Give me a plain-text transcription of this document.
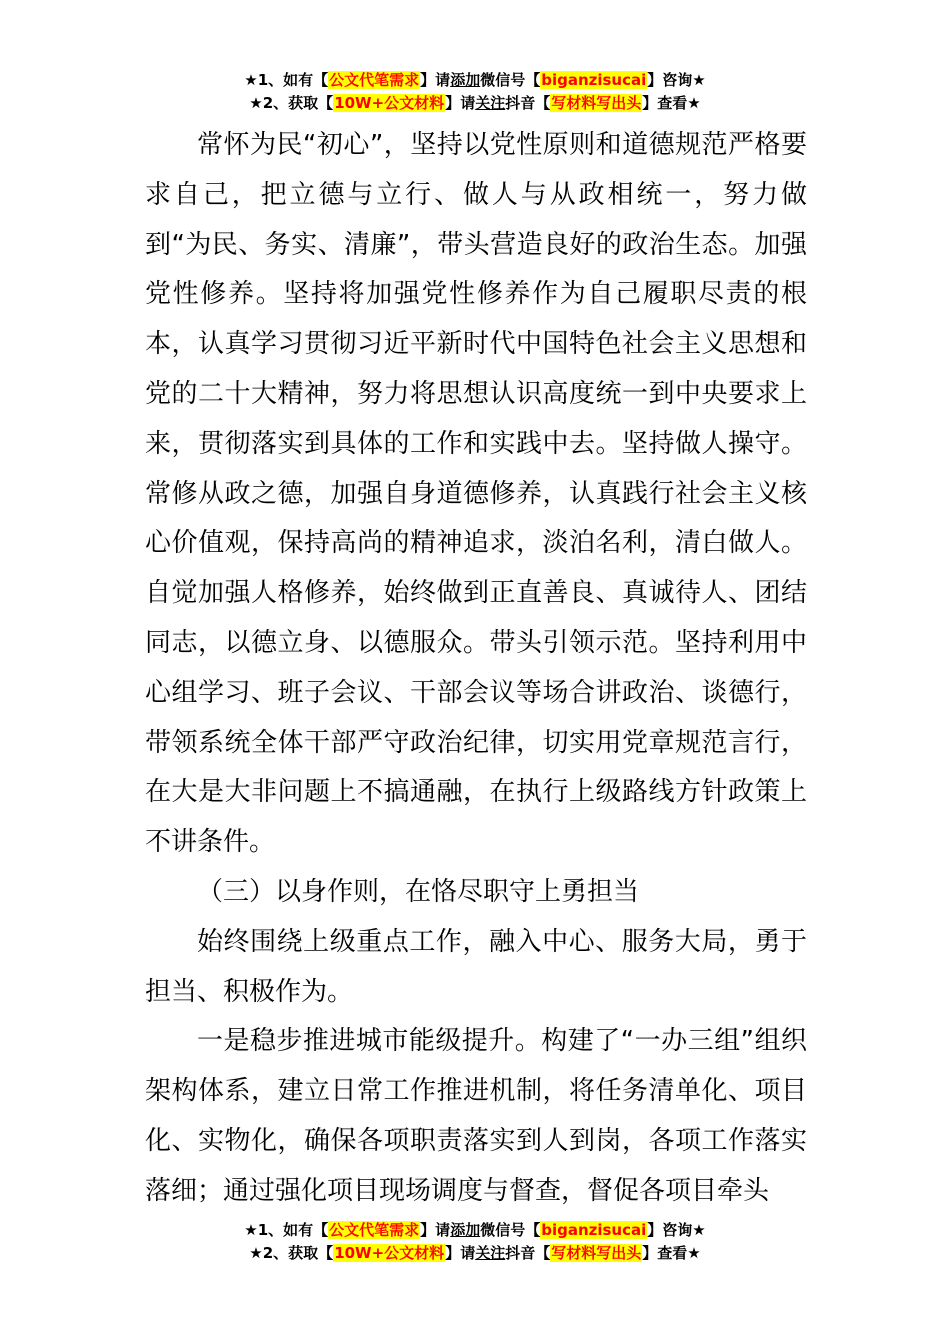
★1、如有【公文代笔需求】请添加微信号【biganzisucai】咨询★
★2、获取【10W+公文材料】请关注抖音【写材料写出头】查看★

常怀为民“初心”，坚持以党性原则和道德规范严格要求自己，把立德与立行、做人与从政相统一，努力做到“为民、务实、清廉”，带头营造良好的政治生态。加强党性修养。坚持将加强党性修养作为自己履职尽责的根本，认真学习贯彻习近平新时代中国特色社会主义思想和党的二十大精神，努力将思想认识高度统一到中央要求上来，贯彻落实到具体的工作和实践中去。坚持做人操守。常修从政之德，加强自身道德修养，认真践行社会主义核心价值观，保持高尚的精神追求，淡泊名利，清白做人。自觉加强人格修养，始终做到正直善良、真诚待人、团结同志，以德立身、以德服众。带头引领示范。坚持利用中心组学习、班子会议、干部会议等场合讲政治、谈德行，带领系统全体干部严守政治纪律，切实用党章规范言行，在大是大非问题上不搞通融，在执行上级路线方针政策上不讲条件。

（三）以身作则，在恪尽职守上勇担当

始终围绕上级重点工作，融入中心、服务大局，勇于担当、积极作为。

一是稳步推进城市能级提升。构建了“一办三组”组织架构体系，建立日常工作推进机制，将任务清单化、项目化、实物化，确保各项职责落实到人到岗，各项工作落实落细；通过强化项目现场调度与督查，督促各项目牵头

★1、如有【公文代笔需求】请添加微信号【biganzisucai】咨询★
★2、获取【10W+公文材料】请关注抖音【写材料写出头】查看★
